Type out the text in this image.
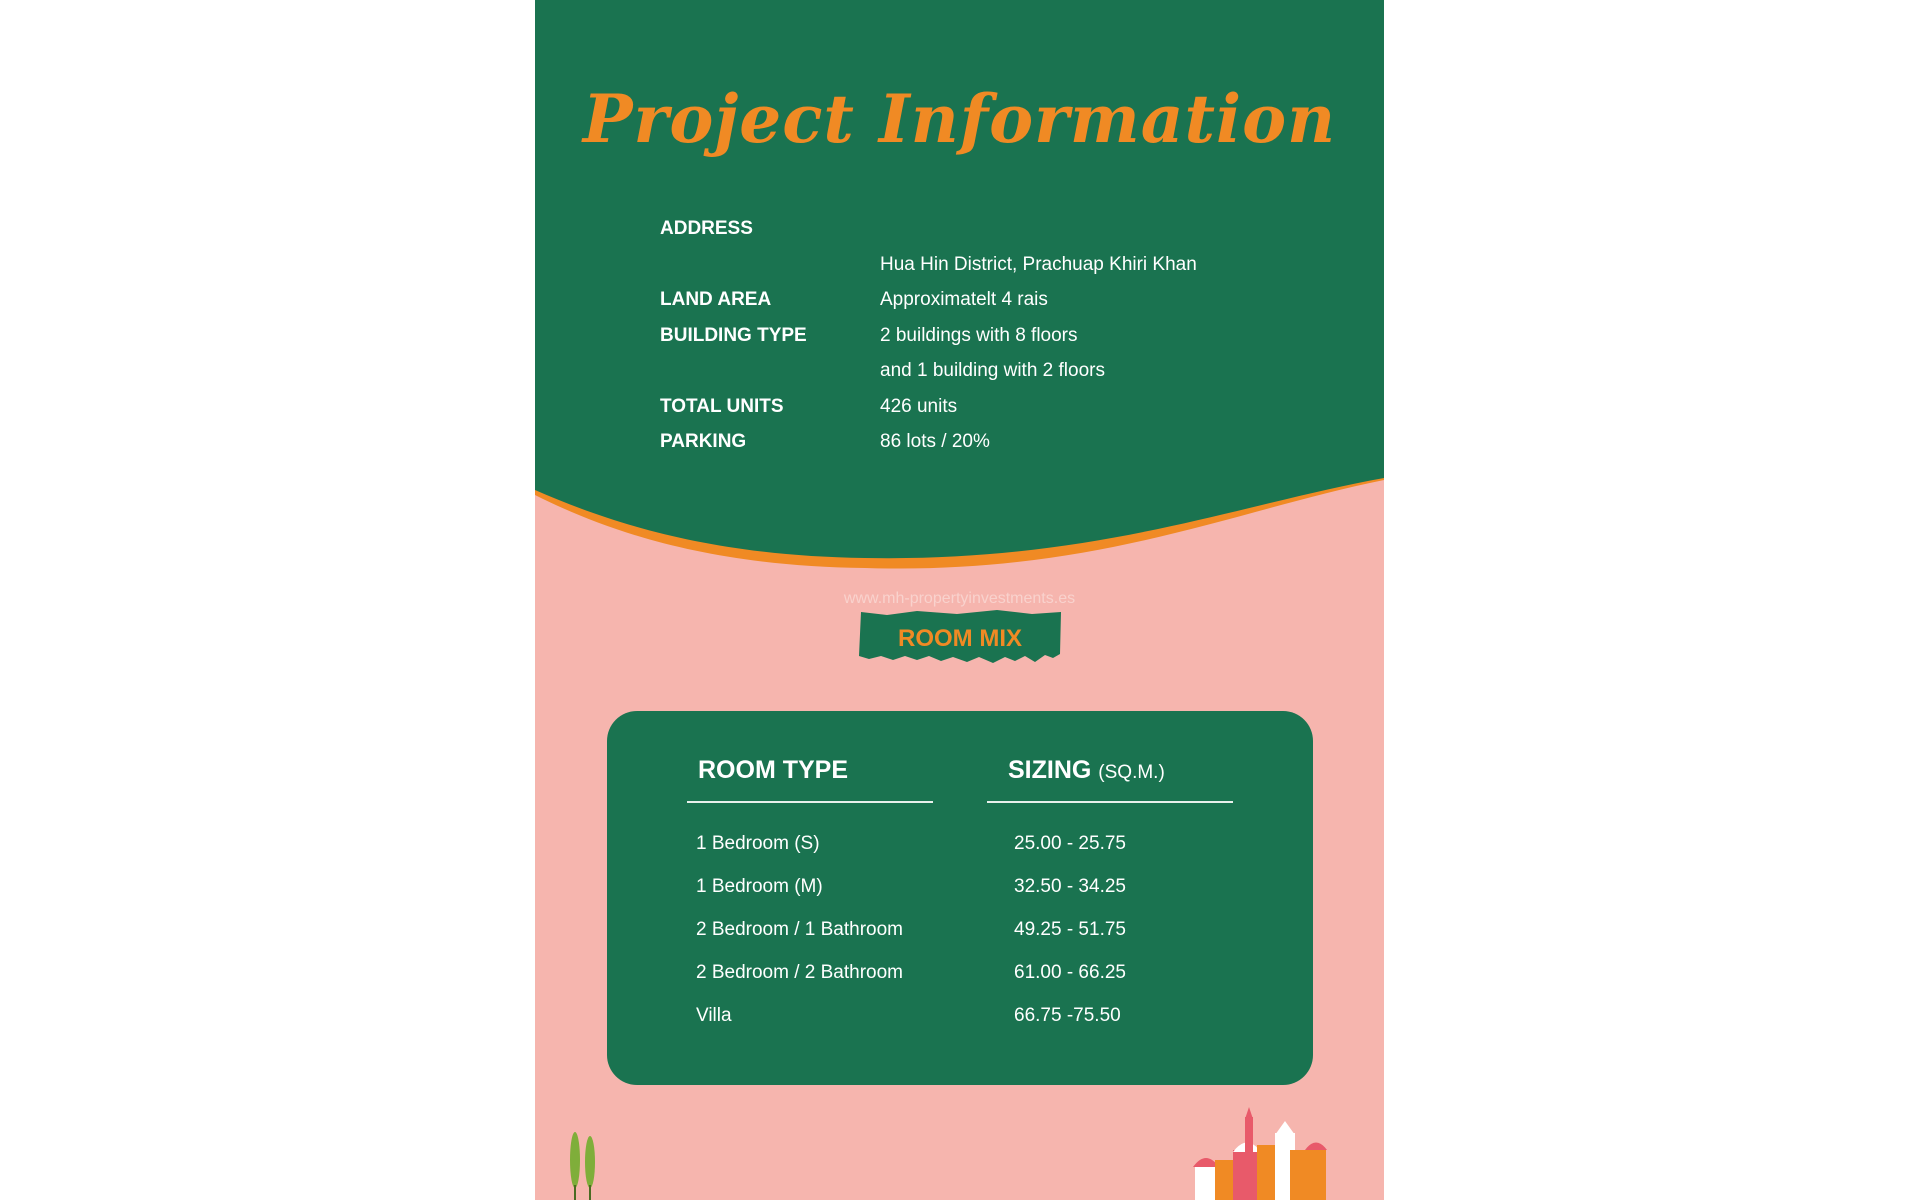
Project Information
ADDRESS
Hua Hin District, Prachuap Khiri Khan
LAND AREA	Approximatelt 4 rais
BUILDING TYPE	2 buildings with 8 floors
and 1 building with 2 floors
TOTAL UNITS	426 units
PARKING	86 lots / 20%
www.mh-propertyinvestments.es
ROOM MIX
ROOM TYPE	SIZING (SQ.M.)
1 Bedroom (S)	25.00 - 25.75
1 Bedroom (M)	32.50 - 34.25
2 Bedroom / 1 Bathroom	49.25 - 51.75
2 Bedroom / 2 Bathroom	61.00 - 66.25
Villa	66.75 -75.50
